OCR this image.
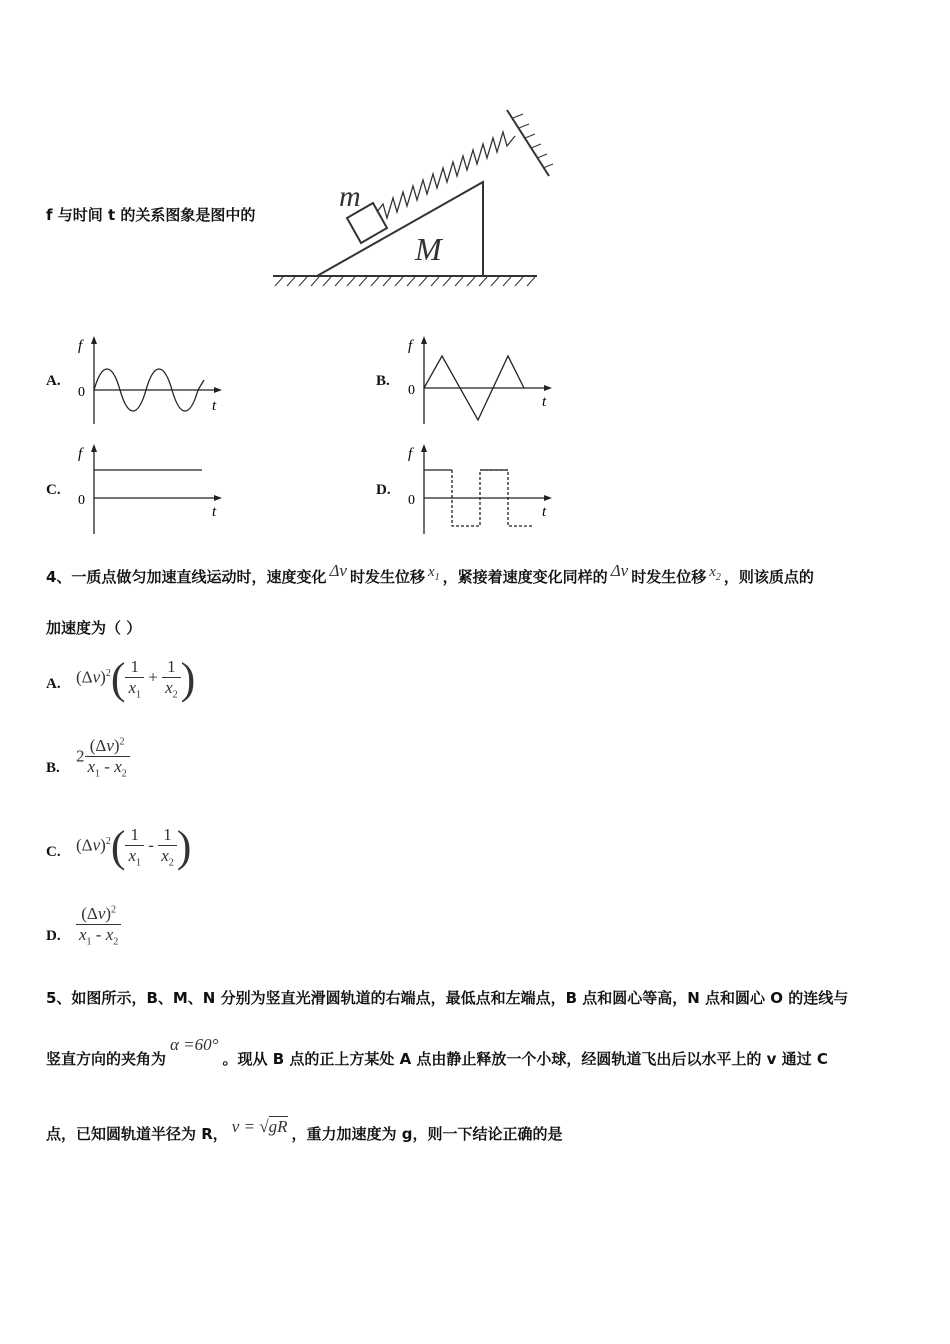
f 与时间 t 的关系图象是图中的
m
M
A.
f
0
t
B.
f
0
t
C.
f
0
t
D.
f
0
t
4、一质点做匀加速直线运动时，速度变化 Δv 时发生位移 $x_1$ ，紧接着速度变化同样的 Δv 时发生位移 $x_2$ ，则该质点的
加速度为（ ）
A. $(\Delta v)^2( \frac{1}{x_1} + \frac{1}{x_2}$ )
B.
$2 \frac{(\Delta v)^2}{x_1 - x_2}$
C. $(\Delta v)^2( \frac{1}{x_1} - \frac{1}{x_2}$ )
D. $\frac{(\Delta v)^2}{x_1 - x_2}$
5、如图所示，B、M、N 分别为竖直光滑圆轨道的右端点，最低点和左端点，B 点和圆心等高，N 点和圆心 O 的连线与
竖直方向的夹角为α =60°。现从 B 点的正上方某处 A 点由静止释放一个小球，经圆轨道飞出后以水平上的 v 通过 C
点，已知圆轨道半径为 R， v = √gR ，重力加速度为 g，则一下结论正确的是
